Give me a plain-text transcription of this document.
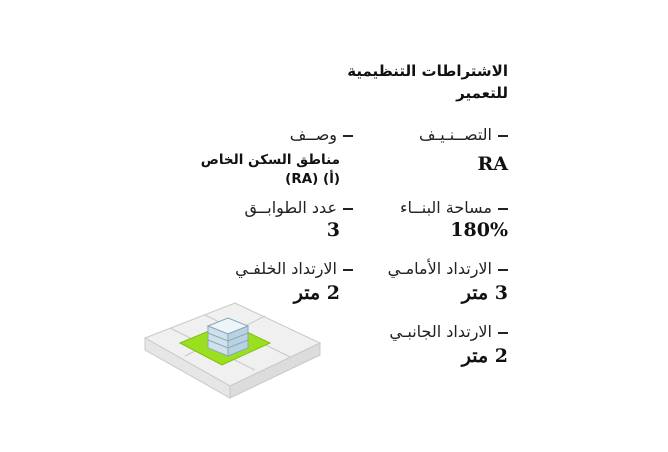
الاشتراطات التنظيمية
للتعمير
التصــنـيـف
RA
مساحة البنــاء
180%
الارتداد الأمامـي
3 متر
الارتداد الجانبـي
2 متر
وصــف
مناطق السكن الخاص
(أ) (RA)
عدد الطوابــق
3
الارتداد الخلفـي
2 متر
